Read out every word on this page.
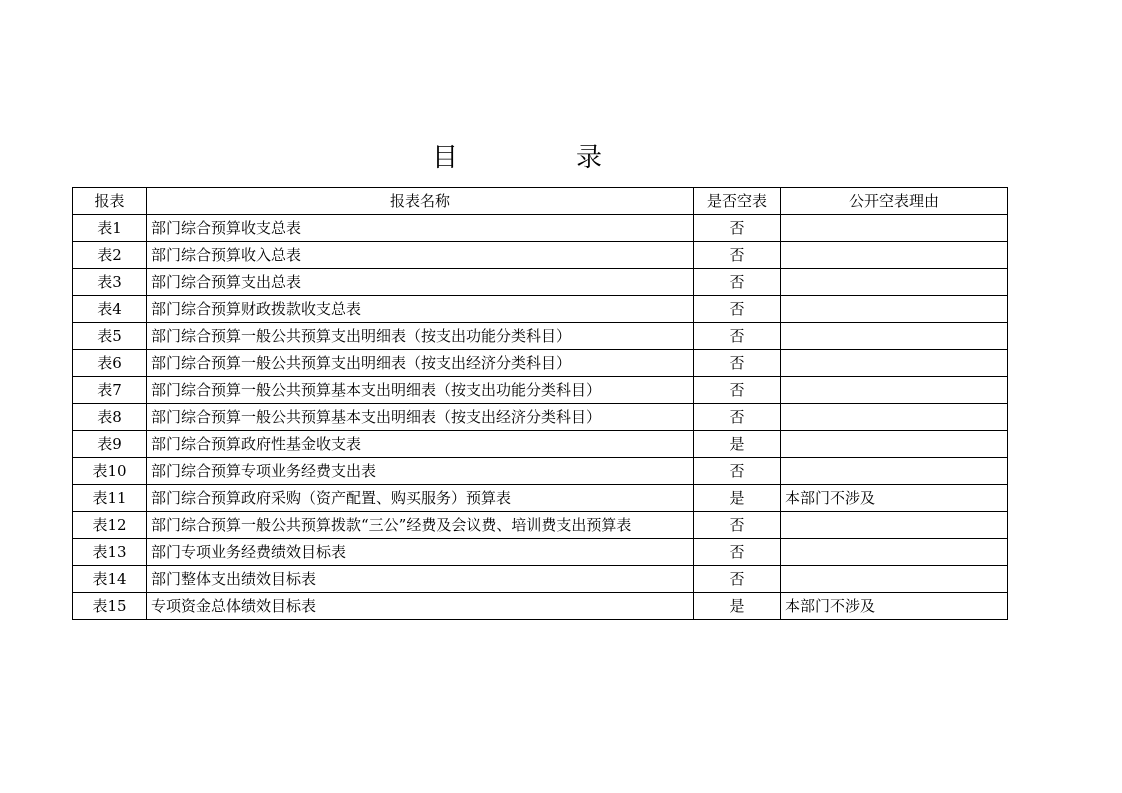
目　录
报表	报表名称	是否空表	公开空表理由
表1	部门综合预算收支总表	否	
表2	部门综合预算收入总表	否	
表3	部门综合预算支出总表	否	
表4	部门综合预算财政拨款收支总表	否	
表5	部门综合预算一般公共预算支出明细表（按支出功能分类科目）	否	
表6	部门综合预算一般公共预算支出明细表（按支出经济分类科目）	否	
表7	部门综合预算一般公共预算基本支出明细表（按支出功能分类科目）	否	
表8	部门综合预算一般公共预算基本支出明细表（按支出经济分类科目）	否	
表9	部门综合预算政府性基金收支表	是	
表10	部门综合预算专项业务经费支出表	否	
表11	部门综合预算政府采购（资产配置、购买服务）预算表	是	本部门不涉及
表12	部门综合预算一般公共预算拨款“三公”经费及会议费、培训费支出预算表	否	
表13	部门专项业务经费绩效目标表	否	
表14	部门整体支出绩效目标表	否	
表15	专项资金总体绩效目标表	是	本部门不涉及
